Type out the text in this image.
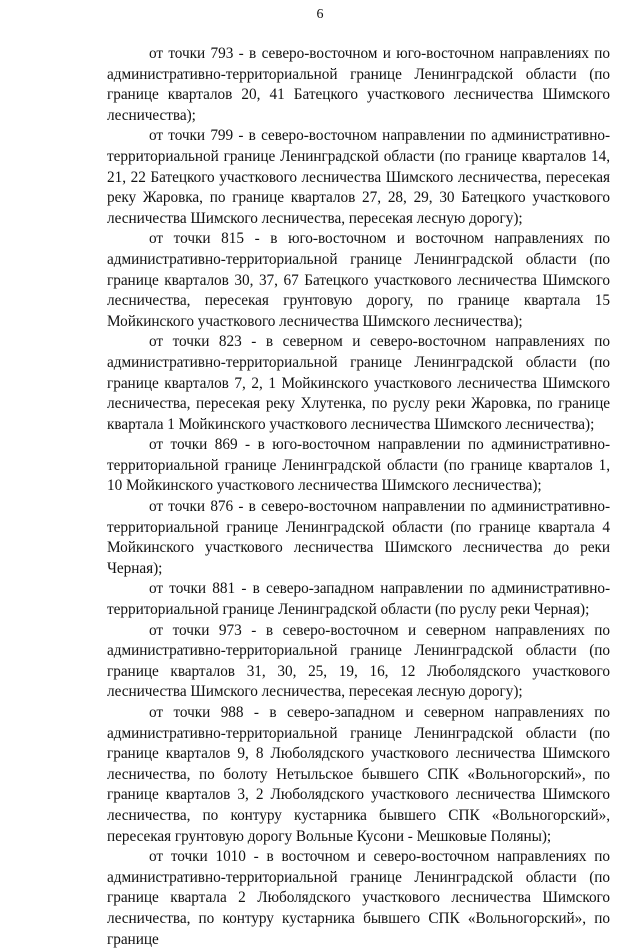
6

от точки 793 - в северо-восточном и юго-восточном направлениях по административно-территориальной границе Ленинградской области (по границе кварталов 20, 41 Батецкого участкового лесничества Шимского лесничества);

от точки 799 - в северо-восточном направлении по административно-территориальной границе Ленинградской области (по границе кварталов 14, 21, 22 Батецкого участкового лесничества Шимского лесничества, пересекая реку Жаровка, по границе кварталов 27, 28, 29, 30 Батецкого участкового лесничества Шимского лесничества, пересекая лесную дорогу);

от точки 815 - в юго-восточном и восточном направлениях по административно-территориальной границе Ленинградской области (по границе кварталов 30, 37, 67 Батецкого участкового лесничества Шимского лесничества, пересекая грунтовую дорогу, по границе квартала 15 Мойкинского участкового лесничества Шимского лесничества);

от точки 823 - в северном и северо-восточном направлениях по административно-территориальной границе Ленинградской области (по границе кварталов 7, 2, 1 Мойкинского участкового лесничества Шимского лесничества, пересекая реку Хлутенка, по руслу реки Жаровка, по границе квартала 1 Мойкинского участкового лесничества Шимского лесничества);

от точки 869 - в юго-восточном направлении по административно-территориальной границе Ленинградской области (по границе кварталов 1, 10 Мойкинского участкового лесничества Шимского лесничества);

от точки 876 - в северо-восточном направлении по административно-территориальной границе Ленинградской области (по границе квартала 4 Мойкинского участкового лесничества Шимского лесничества до реки Черная);

от точки 881 - в северо-западном направлении по административно-территориальной границе Ленинградской области (по руслу реки Черная);

от точки 973 - в северо-восточном и северном направлениях по административно-территориальной границе Ленинградской области (по границе кварталов 31, 30, 25, 19, 16, 12 Люболядского участкового лесничества Шимского лесничества, пересекая лесную дорогу);

от точки 988 - в северо-западном и северном направлениях по административно-территориальной границе Ленинградской области (по границе кварталов 9, 8 Люболядского участкового лесничества Шимского лесничества, по болоту Нетыльское бывшего СПК «Вольногорский», по границе кварталов 3, 2 Люболядского участкового лесничества Шимского лесничества, по контуру кустарника бывшего СПК «Вольногорский», пересекая грунтовую дорогу Вольные Кусони - Мешковые Поляны);

от точки 1010 - в восточном и северо-восточном направлениях по административно-территориальной границе Ленинградской области (по границе квартала 2 Люболядского участкового лесничества Шимского лесничества, по контуру кустарника бывшего СПК «Вольногорский», по границе
